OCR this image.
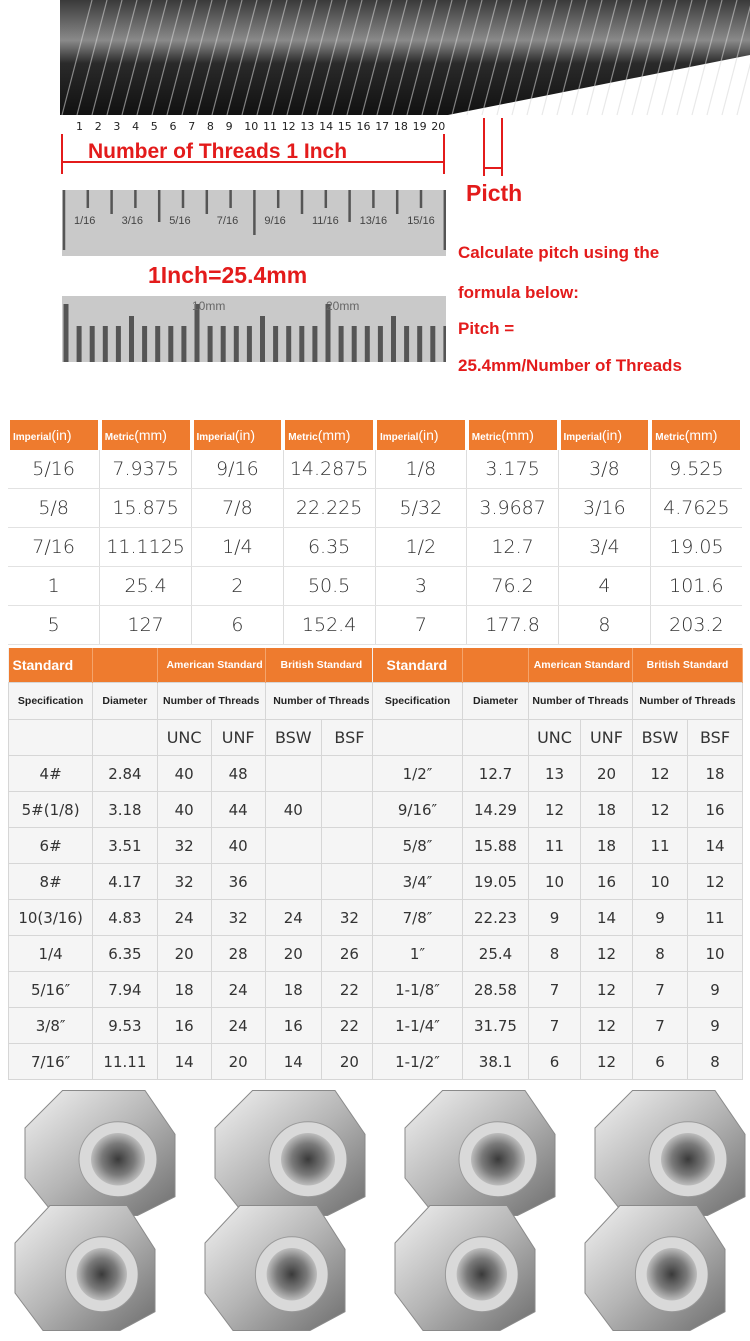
1 2 3 4 5 6 7 8 9 10 11 12 13 14 15 16 17 18 19 20
Number of Threads 1 Inch
Picth
1/16 3/16 5/16 7/16 9/16 11/16 13/16 15/16
1Inch=25.4mm
10mm	20mm
Calculate pitch using the
formula below:
Pitch =
25.4mm/Number of Threads
Imperial(in)	Metric(mm)	Imperial(in)	Metric(mm)	Imperial(in)	Metric(mm)	Imperial(in)	Metric(mm)

5/16	7.9375	9/16	14.2875	1/8	3.175	3/8	9.525
5/8	15.875	7/8	22.225	5/32	3.9687	3/16	4.7625
7/16	11.1125	1/4	6.35	1/2	12.7	3/4	19.05
1	25.4	2	50.5	3	76.2	4	101.6
5	127	6	152.4	7	177.8	8	203.2
Standard		American Standard		British Standard	
Specification	Diameter	Number of Threads		Number of Threads	
		UNC	UNF	BSW	BSF
4#	2.84	40	48		
5#(1/8)	3.18	40	44	40	
6#	3.51	32	40		
8#	4.17	32	36		
10(3/16)	4.83	24	32	24	32
1/4	6.35	20	28	20	26
5/16″	7.94	18	24	18	22
3/8″	9.53	16	24	16	22
7/16″	11.11	14	20	14	20
Standard		American Standard		British Standard	
Specification	Diameter	Number of Threads		Number of Threads	
		UNC	UNF	BSW	BSF
1/2″	12.7	13	20	12	18
9/16″	14.29	12	18	12	16
5/8″	15.88	11	18	11	14
3/4″	19.05	10	16	10	12
7/8″	22.23	9	14	9	11
1″	25.4	8	12	8	10
1-1/8″	28.58	7	12	7	9
1-1/4″	31.75	7	12	7	9
1-1/2″	38.1	6	12	6	8
